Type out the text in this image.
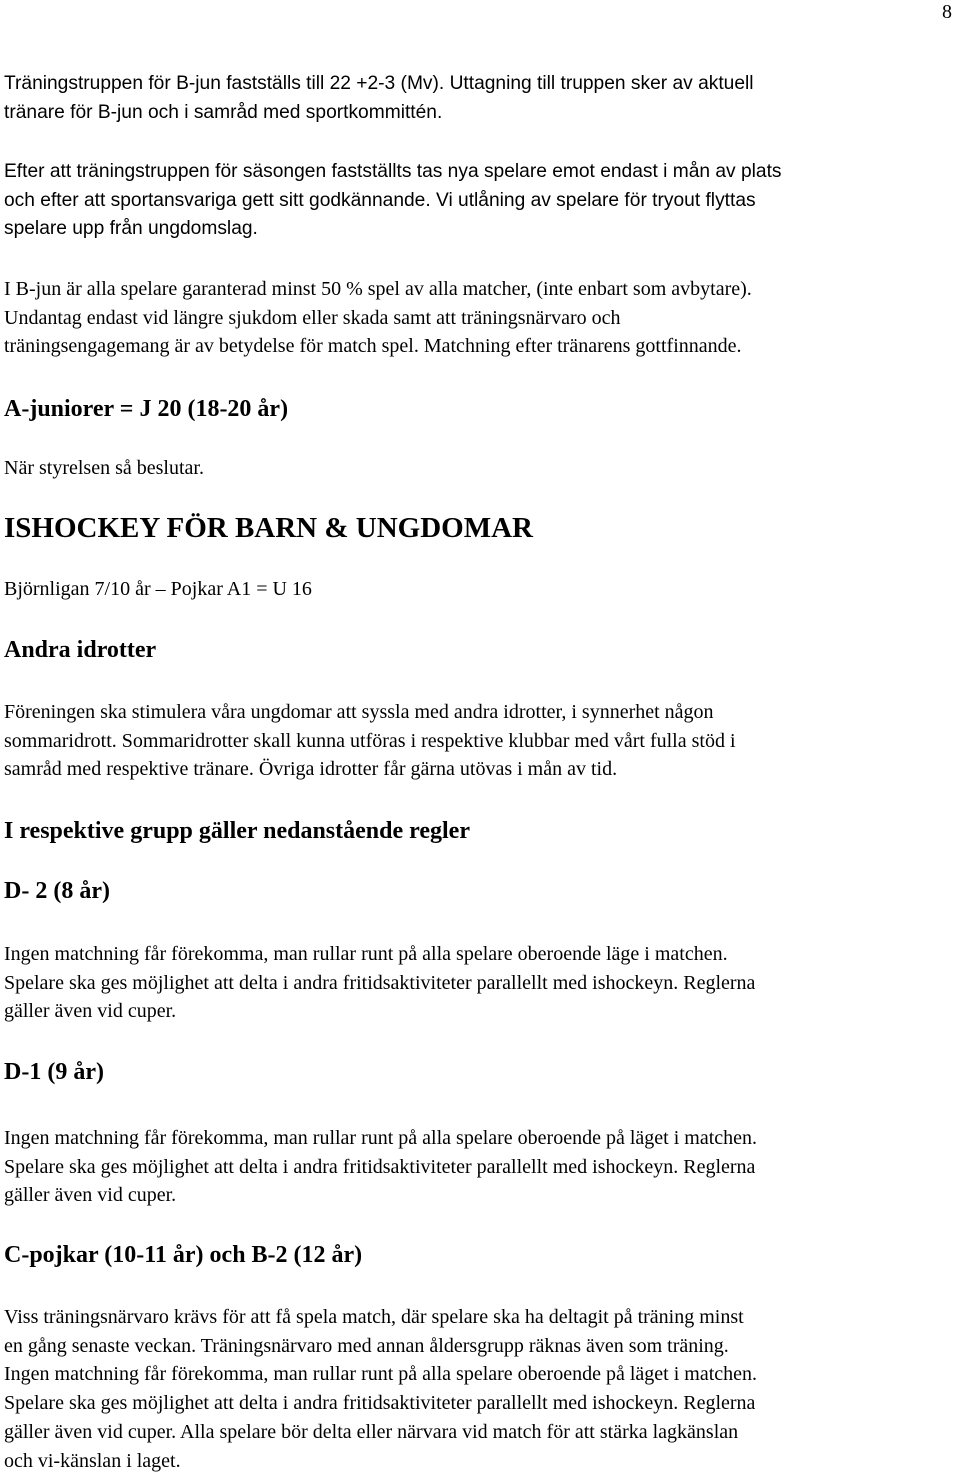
8

Träningstruppen för B-jun fastställs till 22 +2-3 (Mv). Uttagning till truppen sker av aktuell
tränare för B-jun och i samråd med sportkommittén.

Efter att träningstruppen för säsongen fastställts tas nya spelare emot endast i mån av plats
och efter att sportansvariga gett sitt godkännande. Vi utlåning av spelare för tryout flyttas
spelare upp från ungdomslag.

I B-jun är alla spelare garanterad minst 50 % spel av alla matcher, (inte enbart som avbytare).
Undantag endast vid längre sjukdom eller skada samt att träningsnärvaro och
träningsengagemang är av betydelse för match spel. Matchning efter tränarens gottfinnande.

A-juniorer = J 20 (18-20 år)

När styrelsen så beslutar.

ISHOCKEY FÖR BARN & UNGDOMAR

Björnligan 7/10 år – Pojkar A1 = U 16

Andra idrotter

Föreningen ska stimulera våra ungdomar att syssla med andra idrotter, i synnerhet någon
sommaridrott. Sommaridrotter skall kunna utföras i respektive klubbar med vårt fulla stöd i
samråd med respektive tränare. Övriga idrotter får gärna utövas i mån av tid.

I respektive grupp gäller nedanstående regler
D- 2 (8 år)

Ingen matchning får förekomma, man rullar runt på alla spelare oberoende läge i matchen.
Spelare ska ges möjlighet att delta i andra fritidsaktiviteter parallellt med ishockeyn. Reglerna
gäller även vid cuper.

D-1 (9 år)

Ingen matchning får förekomma, man rullar runt på alla spelare oberoende på läget i matchen.
Spelare ska ges möjlighet att delta i andra fritidsaktiviteter parallellt med ishockeyn. Reglerna
gäller även vid cuper.

C-pojkar (10-11 år) och B-2 (12 år)

Viss träningsnärvaro krävs för att få spela match, där spelare ska ha deltagit på träning minst
en gång senaste veckan. Träningsnärvaro med annan åldersgrupp räknas även som träning.
Ingen matchning får förekomma, man rullar runt på alla spelare oberoende på läget i matchen.
Spelare ska ges möjlighet att delta i andra fritidsaktiviteter parallellt med ishockeyn. Reglerna
gäller även vid cuper. Alla spelare bör delta eller närvara vid match för att stärka lagkänslan
och vi-känslan i laget.
